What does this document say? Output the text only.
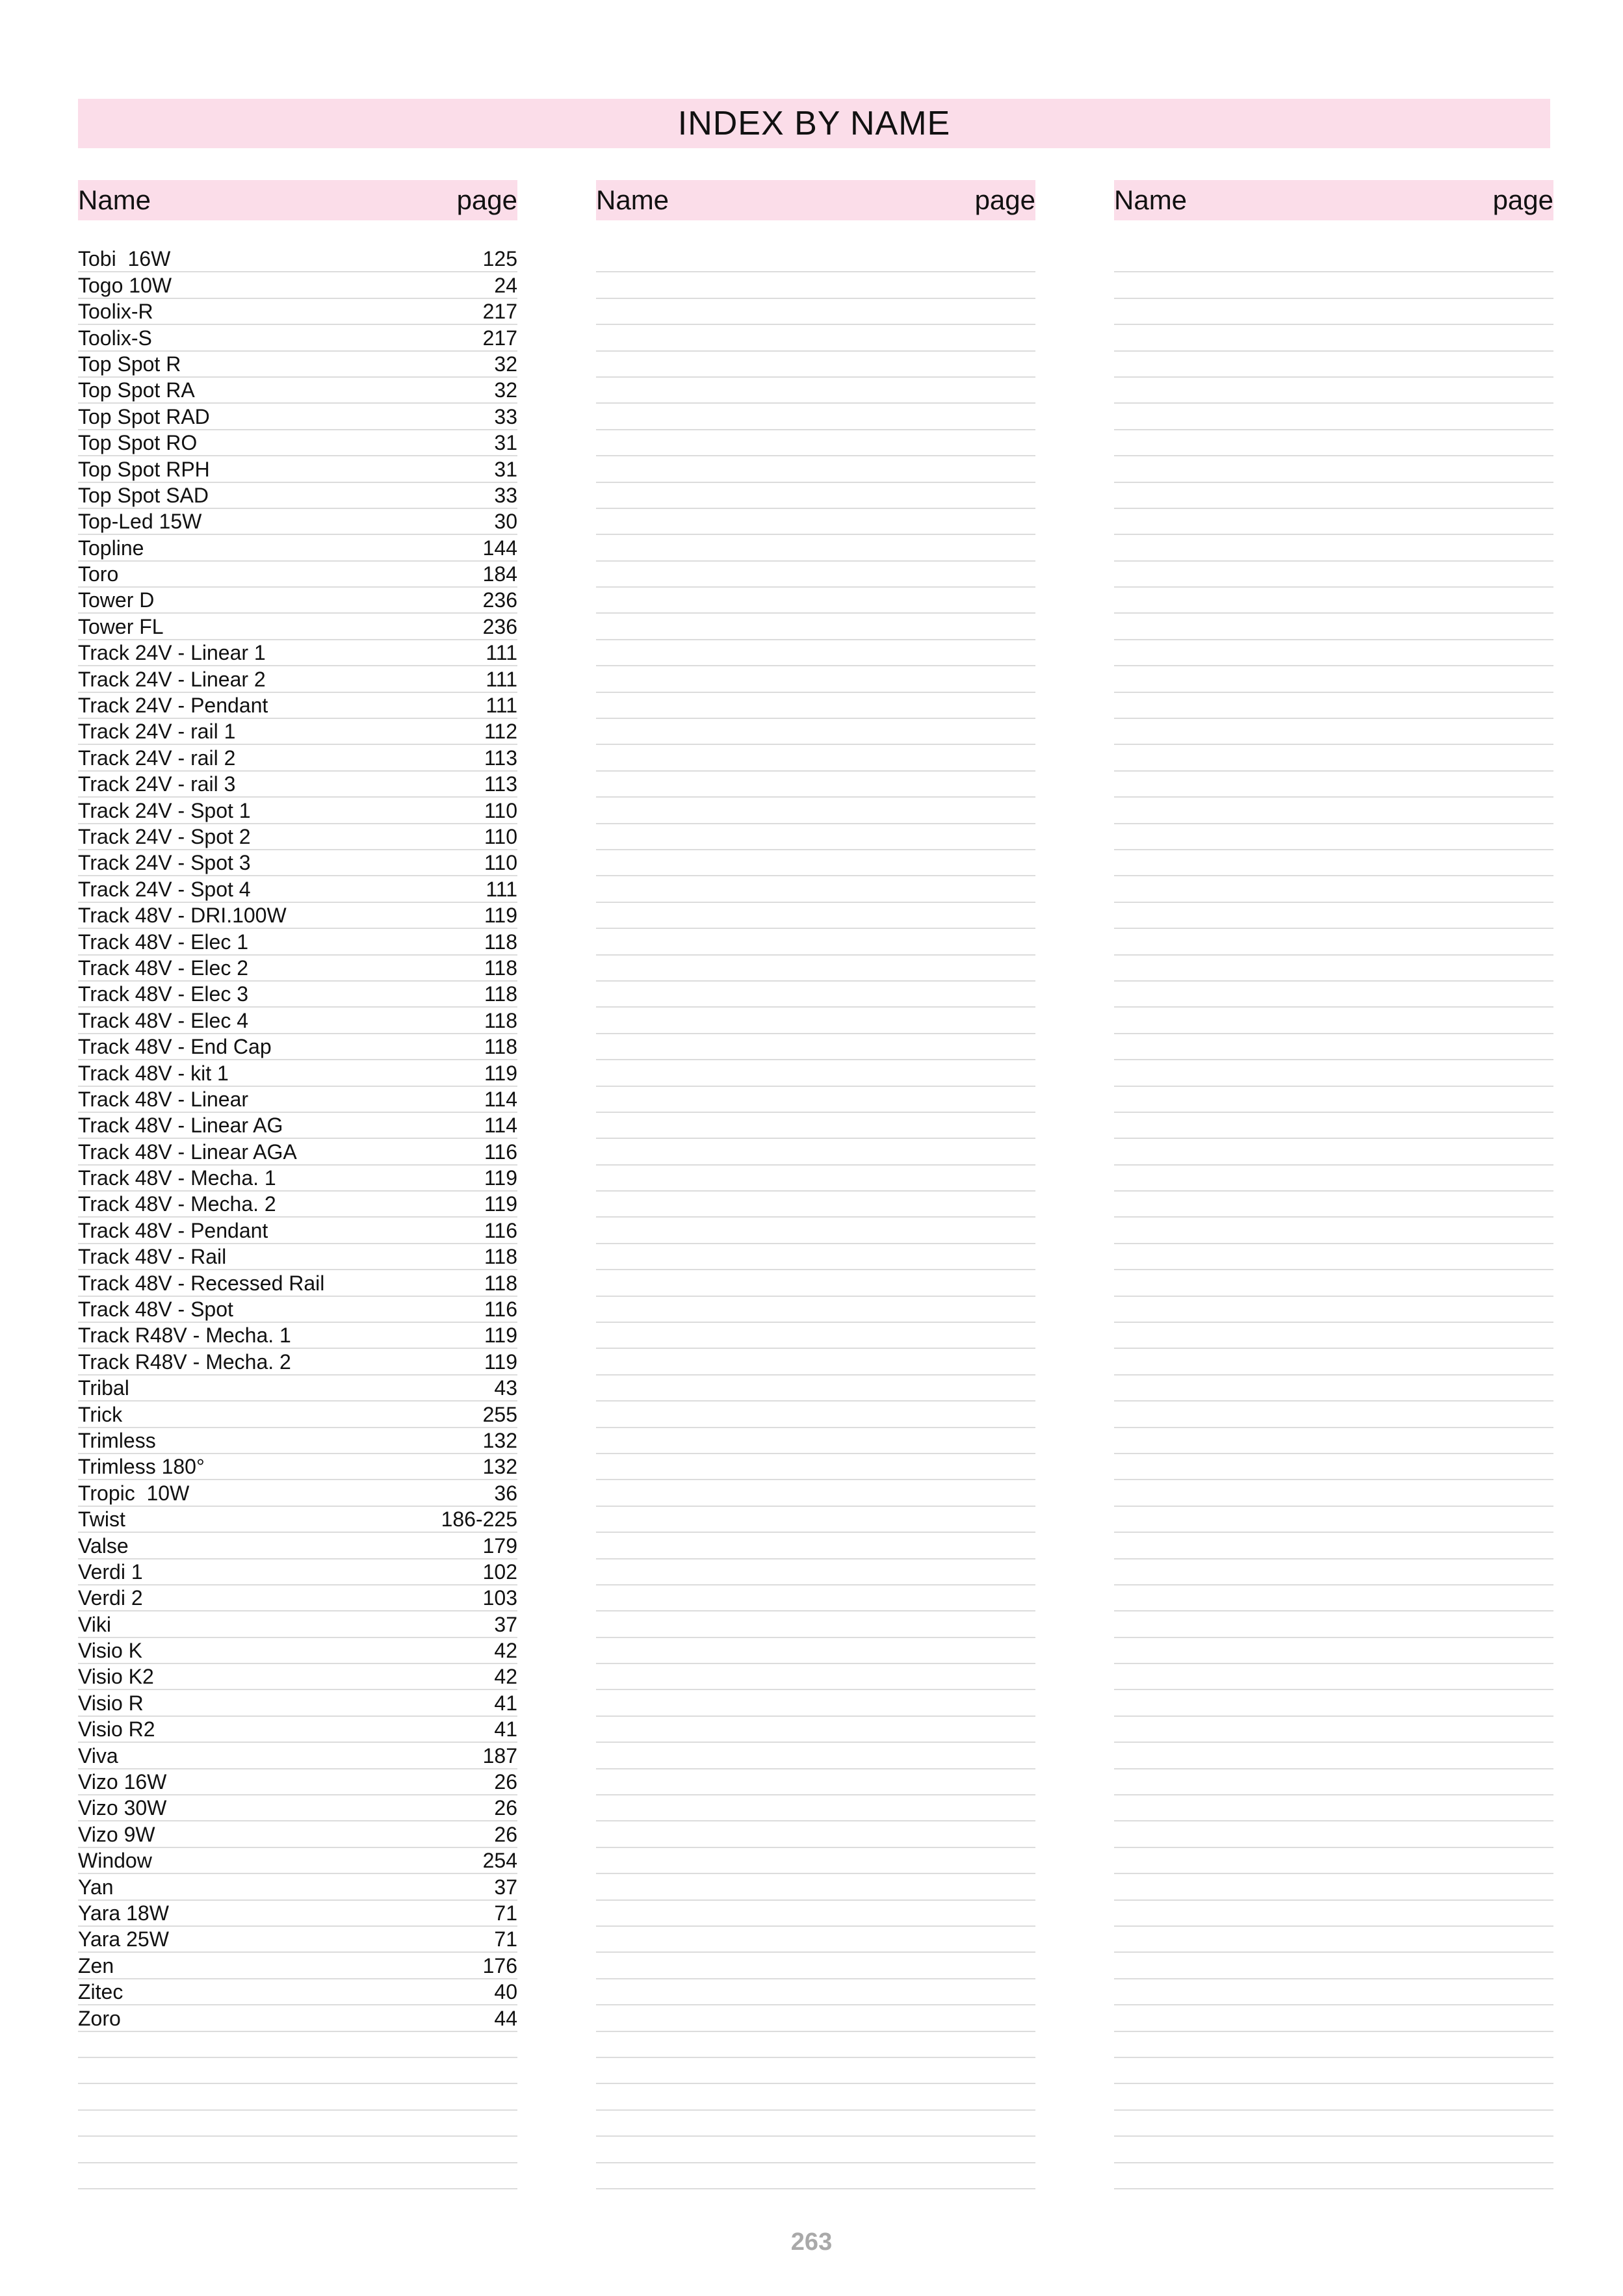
INDEX BY NAME
Name	page
Tobi  16W	125
Togo 10W	24
Toolix-R	217
Toolix-S	217
Top Spot R	32
Top Spot RA	32
Top Spot RAD	33
Top Spot RO	31
Top Spot RPH	31
Top Spot SAD	33
Top-Led 15W	30
Topline	144
Toro	184
Tower D	236
Tower FL	236
Track 24V - Linear 1	111
Track 24V - Linear 2	111
Track 24V - Pendant	111
Track 24V - rail 1	112
Track 24V - rail 2	113
Track 24V - rail 3	113
Track 24V - Spot 1	110
Track 24V - Spot 2	110
Track 24V - Spot 3	110
Track 24V - Spot 4	111
Track 48V - DRI.100W	119
Track 48V - Elec 1	118
Track 48V - Elec 2	118
Track 48V - Elec 3	118
Track 48V - Elec 4	118
Track 48V - End Cap	118
Track 48V - kit 1	119
Track 48V - Linear	114
Track 48V - Linear AG	114
Track 48V - Linear AGA	116
Track 48V - Mecha. 1	119
Track 48V - Mecha. 2	119
Track 48V - Pendant	116
Track 48V - Rail	118
Track 48V - Recessed Rail	118
Track 48V - Spot	116
Track R48V - Mecha. 1	119
Track R48V - Mecha. 2	119
Tribal	43
Trick	255
Trimless	132
Trimless 180°	132
Tropic  10W	36
Twist	186-225
Valse	179
Verdi 1	102
Verdi 2	103
Viki	37
Visio K	42
Visio K2	42
Visio R	41
Visio R2	41
Viva	187
Vizo 16W	26
Vizo 30W	26
Vizo 9W	26
Window	254
Yan	37
Yara 18W	71
Yara 25W	71
Zen	176
Zitec	40
Zoro	44
Name	page	Name	page
263
